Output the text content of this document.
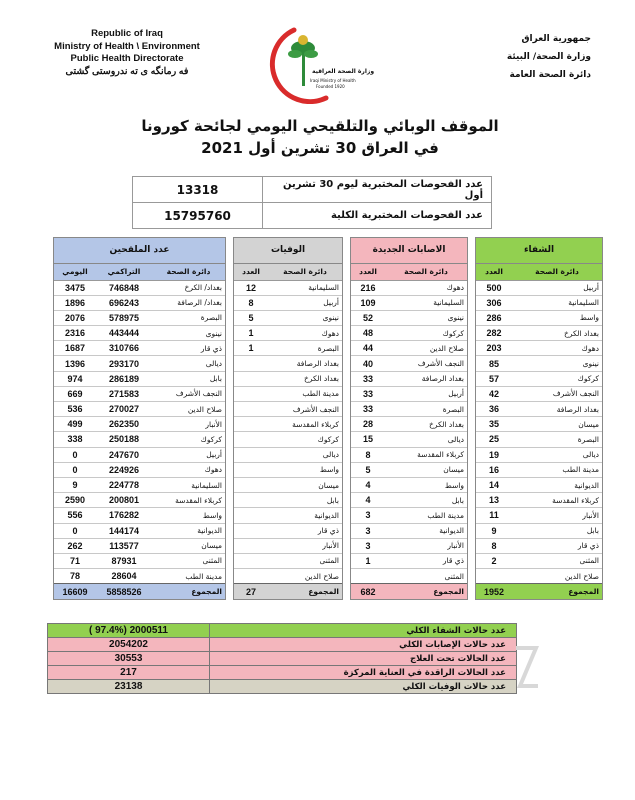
Republic of Iraq
Ministry of Health \ Environment
Public Health Directorate
فه رمانگه ی ته ندروستی گشتی	وزارة الصحة العراقية
Iraqi Ministry of Health
Founded 1920
جمهورية العراق
وزارة الصحة/ البيئة
دائرة الصحة العامة
الموقف الوبائي والتلقيحي اليومي لجائحة كورونا
في العراق 30 تشرين أول 2021
13318	عدد الفحوصات المختبرية ليوم 30 تشرين أول
15795760	عدد الفحوصات المختبرية الكلية
عدد الملقحين		
اليومي	التراكمي	دائرة الصحة
3475	746848	بغداد/ الكرخ
1896	696243	بغداد/ الرصافة
2076	578975	البصرة
2316	443444	نينوى
1687	310766	ذي قار
1396	293170	ديالى
974	286189	بابل
669	271583	النجف الأشرف
536	270027	صلاح الدين
499	262350	الأنبار
338	250188	كركوك
0	247670	أربيل
0	224926	دهوك
9	224778	السليمانية
2590	200801	كربلاء المقدسة
556	176282	واسط
0	144174	الديوانية
262	113577	ميسان
71	87931	المثنى
78	28604	مدينة الطب
16609	5858526	المجموع
الوفيات	
العدد	دائرة الصحة
12	السليمانية
8	أربيل
5	نينوى
1	دهوك
1	البصرة
	بغداد الرصافة
	بغداد الكرخ
	مدينة الطب
	النجف الأشرف
	كربلاء المقدسة
	كركوك
	ديالى
	واسط
	ميسان
	بابل
	الديوانية
	ذي قار
	الأنبار
	المثنى
	صلاح الدين
27	المجموع
الاصابات الجديدة	
العدد	دائرة الصحة
216	دهوك
109	السليمانية
52	نينوى
48	كركوك
44	صلاح الدين
40	النجف الأشرف
33	بغداد الرصافة
33	أربيل
33	البصرة
28	بغداد الكرخ
15	ديالى
8	كربلاء المقدسة
5	ميسان
4	واسط
4	بابل
3	مدينة الطب
3	الديوانية
3	الأنبار
1	ذي قار
	المثنى
682	المجموع
الشفاء	
العدد	دائرة الصحة
500	أربيل
306	السليمانية
286	واسط
282	بغداد الكرخ
203	دهوك
85	نينوى
57	كركوك
42	النجف الأشرف
36	بغداد الرصافة
35	ميسان
25	البصرة
19	ديالى
16	مدينة الطب
14	الديوانية
13	كربلاء المقدسة
11	الأنبار
9	بابل
8	ذي قار
2	المثنى
	صلاح الدين
1952	المجموع
( 97.4%) 2000511	عدد حالات الشفاء الكلي
2054202	عدد حالات الإصابات الكلي
30553	عدد الحالات تحت العلاج
217	عدد الحالات الراقدة في العناية المركزة
23138	عدد حالات الوفيات الكلي
